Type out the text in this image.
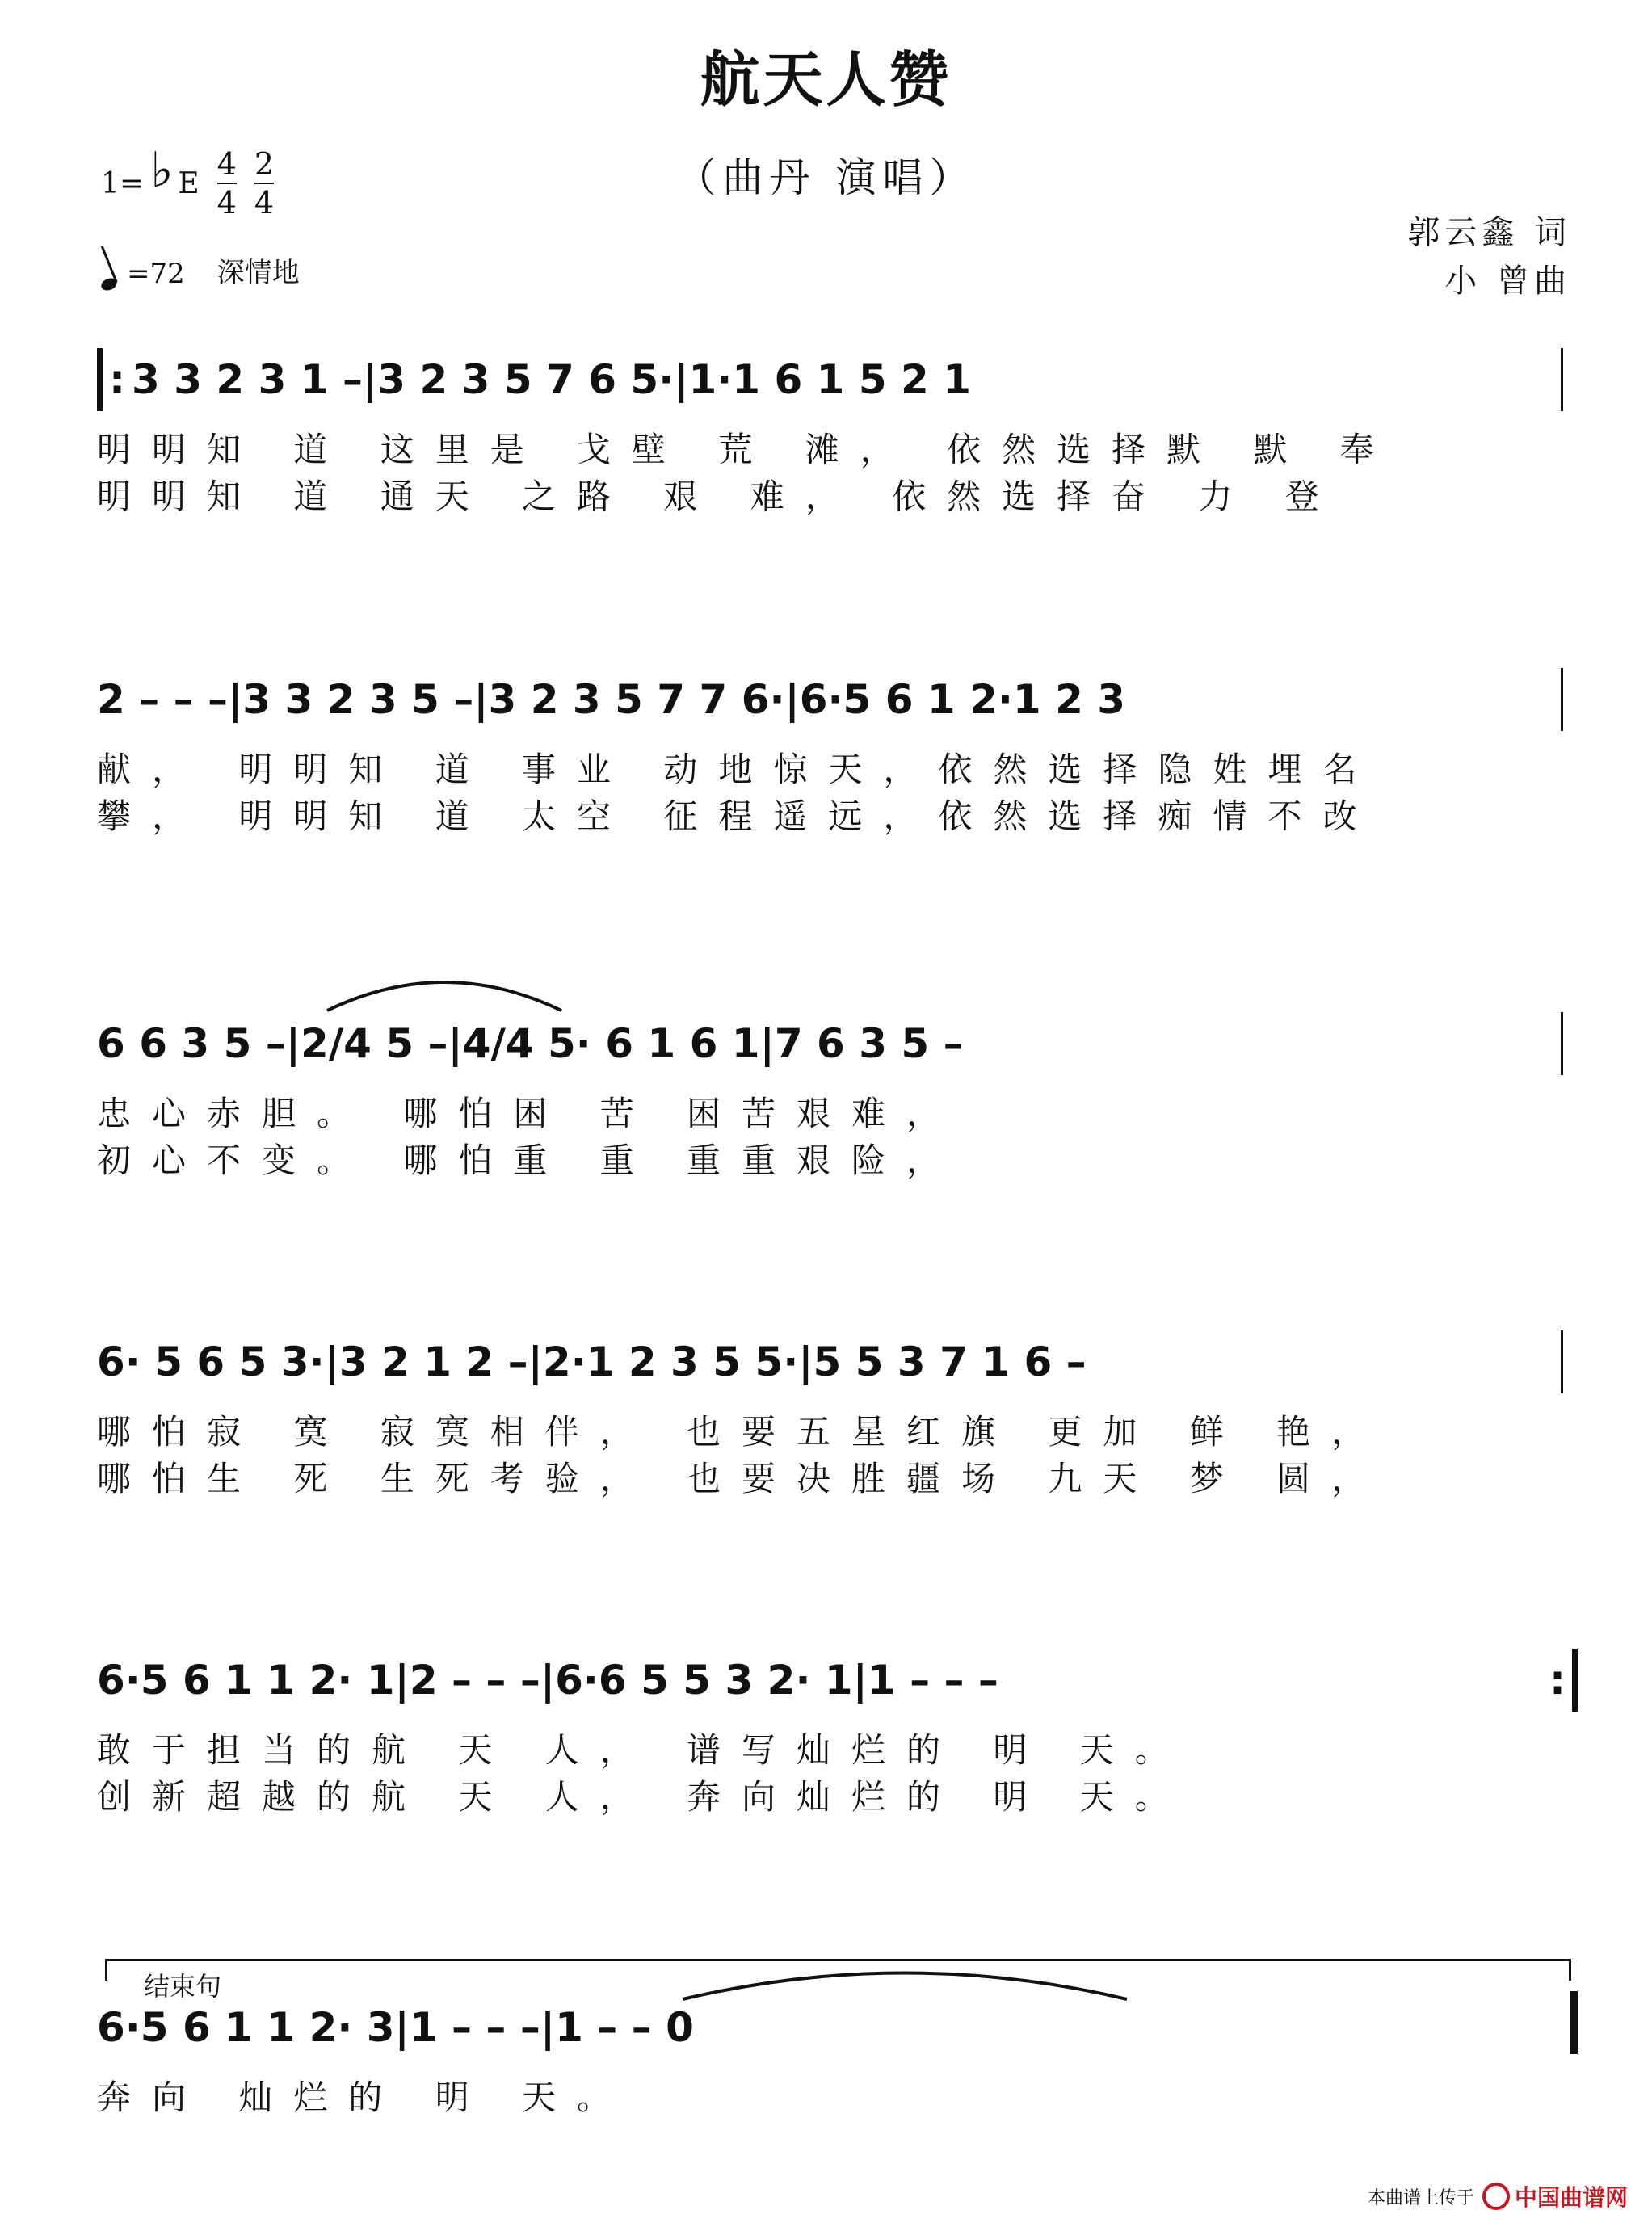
航天人赞
（曲丹 演唱）
1= ♭ E
4
4
2
4
=72 深情地
郭云鑫 词
小 曾曲
:
3 3 2 3 1 –|3 2 3 5 7 6 5·|1·1 6 1 5 2 1
明明知 道 这里是 戈壁 荒 滩， 依然选择默 默 奉
明明知 道 通天 之路 艰 难， 依然选择奋 力 登
2 – – –|3 3 2 3 5 –|3 2 3 5 7 7 6·|6·5 6 1 2·1 2 3
献， 明明知 道 事业 动地惊天，依然选择隐姓埋名
攀， 明明知 道 太空 征程遥远，依然选择痴情不改
6 6 3 5 –|2/4 5 –|4/4 5· 6 1 6 1|7 6 3 5 –
忠心赤胆。 哪怕困 苦 困苦艰难，
初心不变。 哪怕重 重 重重艰险，
6· 5 6 5 3·|3 2 1 2 –|2·1 2 3 5 5·|5 5 3 7 1 6 –
哪怕寂 寞 寂寞相伴， 也要五星红旗 更加 鲜 艳，
哪怕生 死 生死考验， 也要决胜疆场 九天 梦 圆，
6·5 6 1 1 2· 1|2 – – –|6·6 5 5 3 2· 1|1 – – –
:
敢于担当的航 天 人， 谱写灿烂的 明 天。
创新超越的航 天 人， 奔向灿烂的 明 天。
结束句
6·5 6 1 1 2· 3|1 – – –|1 – – 0
奔向 灿烂的 明 天。
本曲谱上传于 中国曲谱网
